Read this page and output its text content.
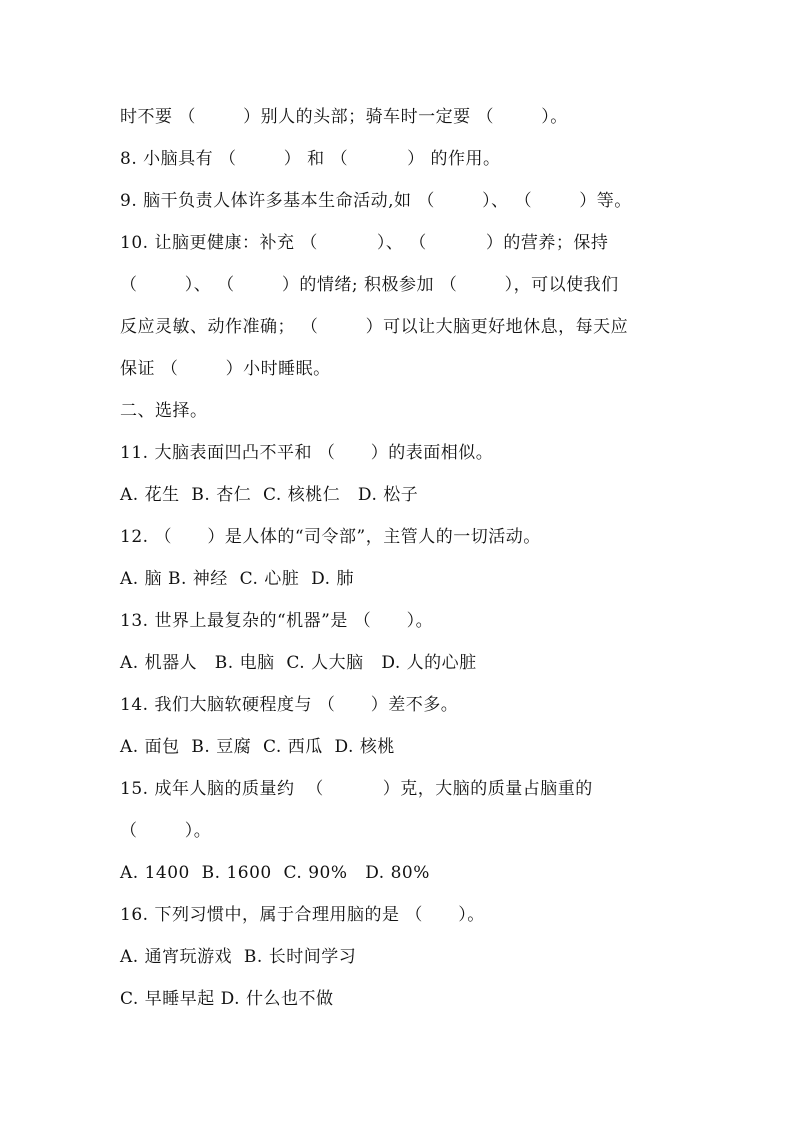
时不要 （        ）别人的头部；骑车时一定要 （        ）。
8. 小脑具有 （        ） 和 （          ） 的作用。
9. 脑干负责人体许多基本生命活动,如 （        ）、 （        ）等。
10. 让脑更健康：补充 （          ）、 （          ）的营养；保持
（        ）、 （        ）的情绪; 积极参加 （        ），可以使我们
反应灵敏、动作准确； （        ）可以让大脑更好地休息，每天应
保证 （        ）小时睡眠。
二、选择。
11. 大脑表面凹凸不平和 （      ）的表面相似。
A. 花生  B. 杏仁  C. 核桃仁   D. 松子
12. （      ）是人体的“司令部”，主管人的一切活动。
A. 脑 B. 神经  C. 心脏  D. 肺
13. 世界上最复杂的“机器”是 （      ）。
A. 机器人   B. 电脑  C. 人大脑   D. 人的心脏
14. 我们大脑软硬程度与 （      ）差不多。
A. 面包  B. 豆腐  C. 西瓜  D. 核桃
15. 成年人脑的质量约  （          ）克，大脑的质量占脑重的
（        ）。
A. 1400  B. 1600  C. 90%   D. 80%
16. 下列习惯中，属于合理用脑的是 （      ）。
A. 通宵玩游戏  B. 长时间学习
C. 早睡早起 D. 什么也不做
